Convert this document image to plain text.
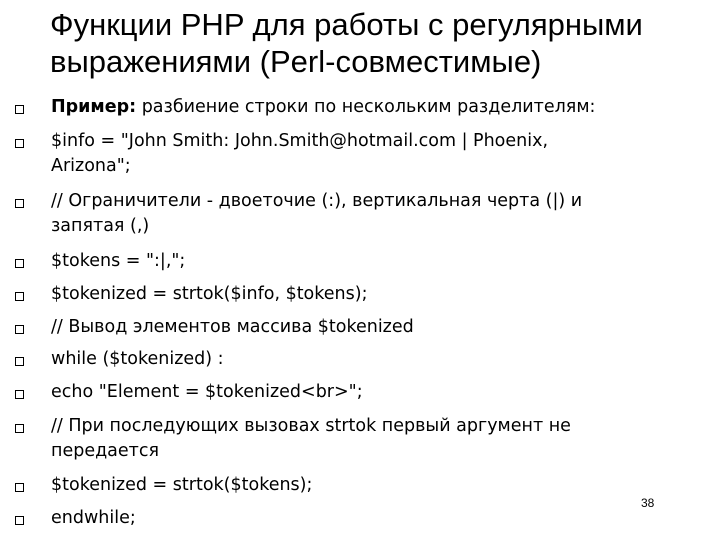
Функции PHP для работы с регулярными
выражениями (Perl-совместимые)
Пример: разбиение строки по нескольким разделителям:
$info = "John Smith: John.Smith@hotmail.com | Phoenix,
Arizona";
// Ограничители - двоеточие (:), вертикальная черта (|) и
запятая (,)
$tokens = ":|,";
$tokenized = strtok($info, $tokens);
// Вывод элементов массива $tokenized
while ($tokenized) :
echo "Element = $tokenized<br>";
// При последующих вызовах strtok первый аргумент не
передается
$tokenized = strtok($tokens);
endwhile;
38
